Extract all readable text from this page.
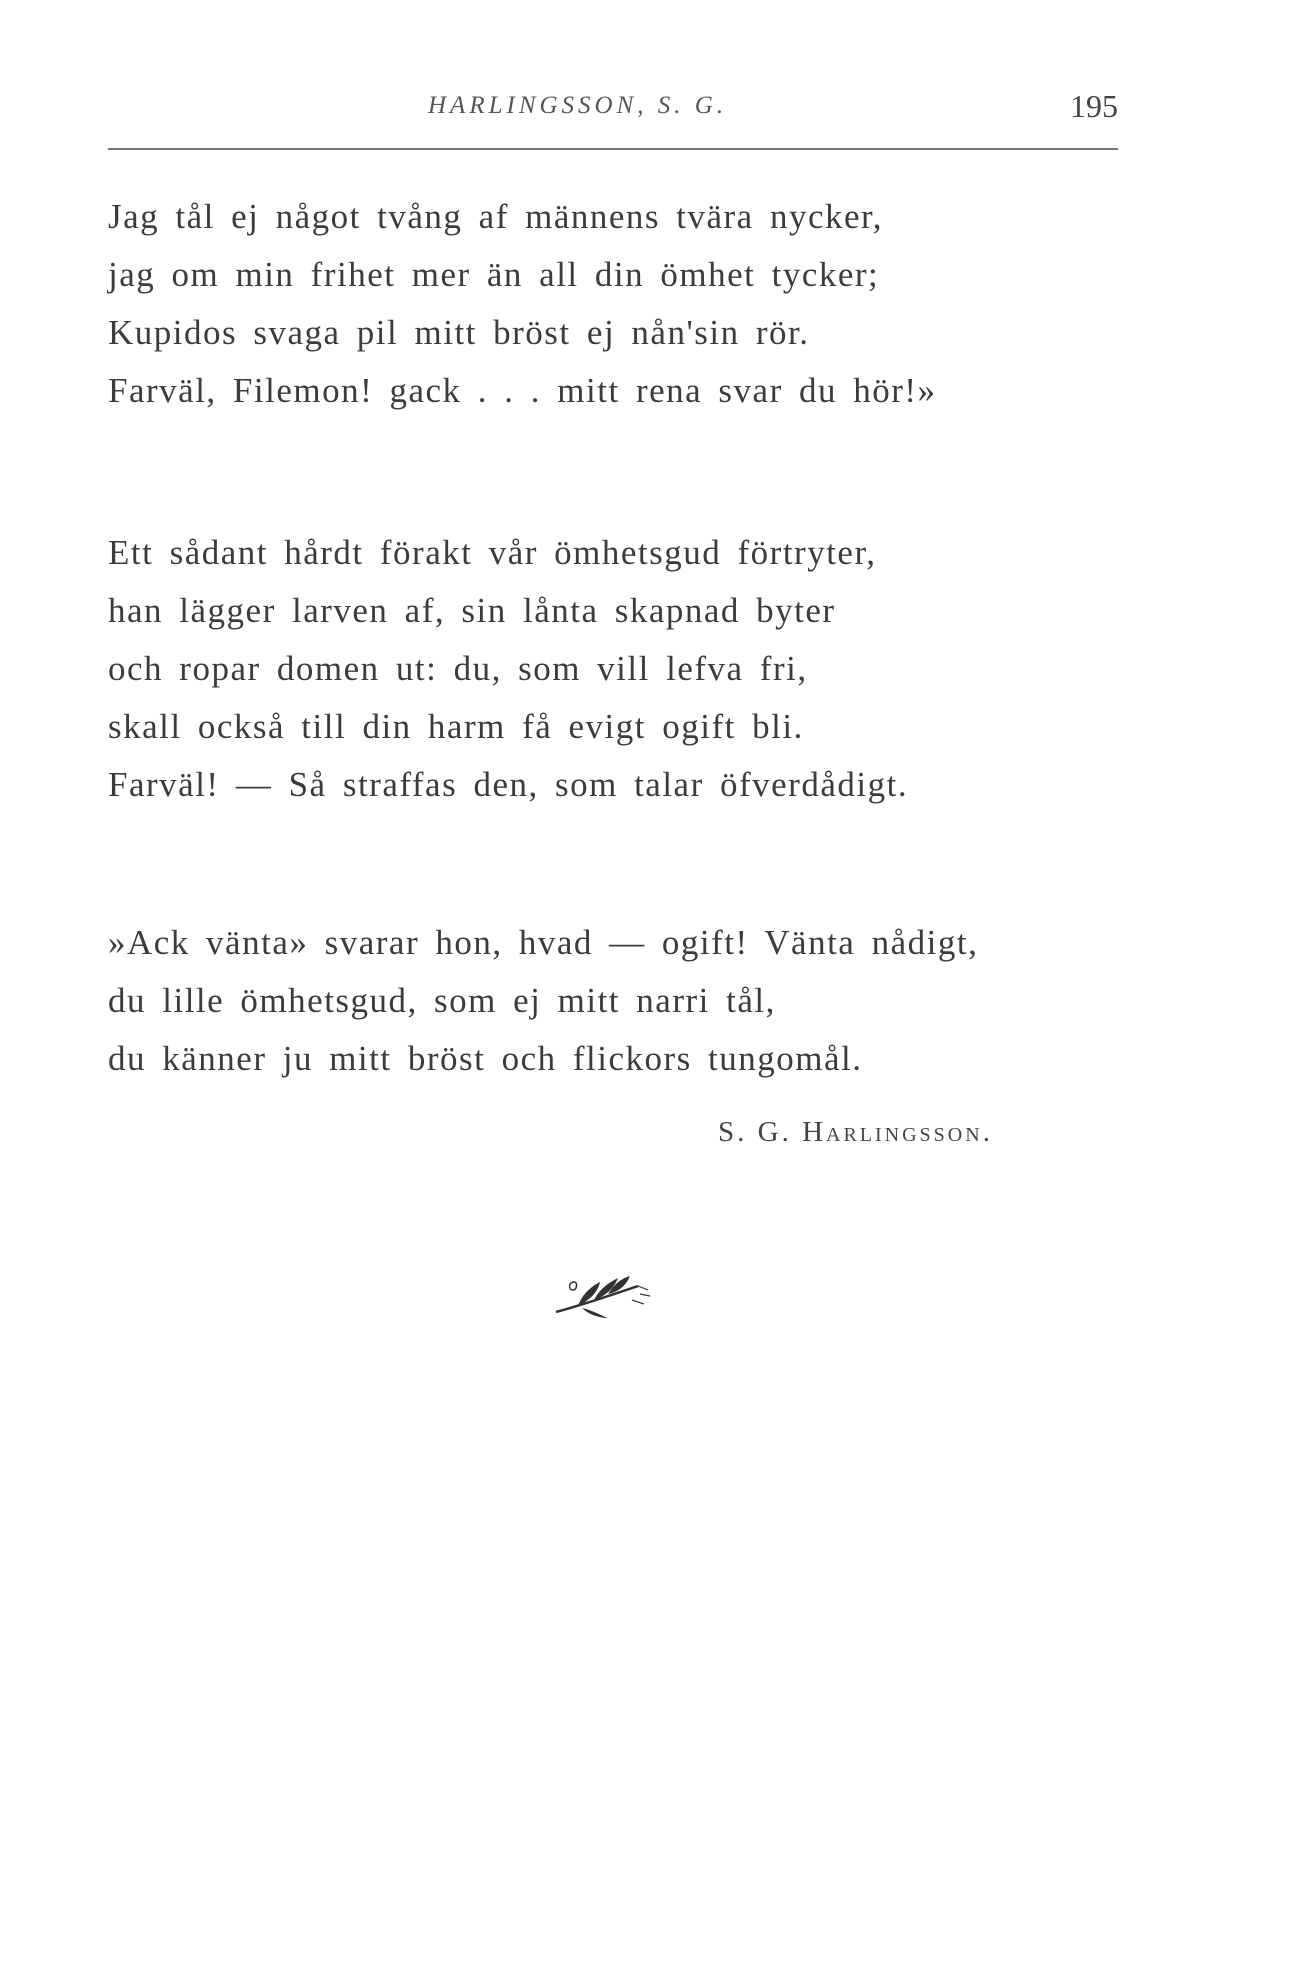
HARLINGSSON, S. G.	195
Jag tål ej något tvång af männens tvära nycker,
jag om min frihet mer än all din ömhet tycker;
Kupidos svaga pil mitt bröst ej nån'sin rör.
Farväl, Filemon! gack . . . mitt rena svar du hör!»
Ett sådant hårdt förakt vår ömhetsgud förtryter,
han lägger larven af, sin lånta skapnad byter
och ropar domen ut: du, som vill lefva fri,
skall också till din harm få evigt ogift bli.
Farväl! — Så straffas den, som talar öfverdådigt.
»Ack vänta» svarar hon, hvad — ogift! Vänta nådigt,
du lille ömhetsgud, som ej mitt narri tål,
du känner ju mitt bröst och flickors tungomål.
S. G. Harlingsson.
